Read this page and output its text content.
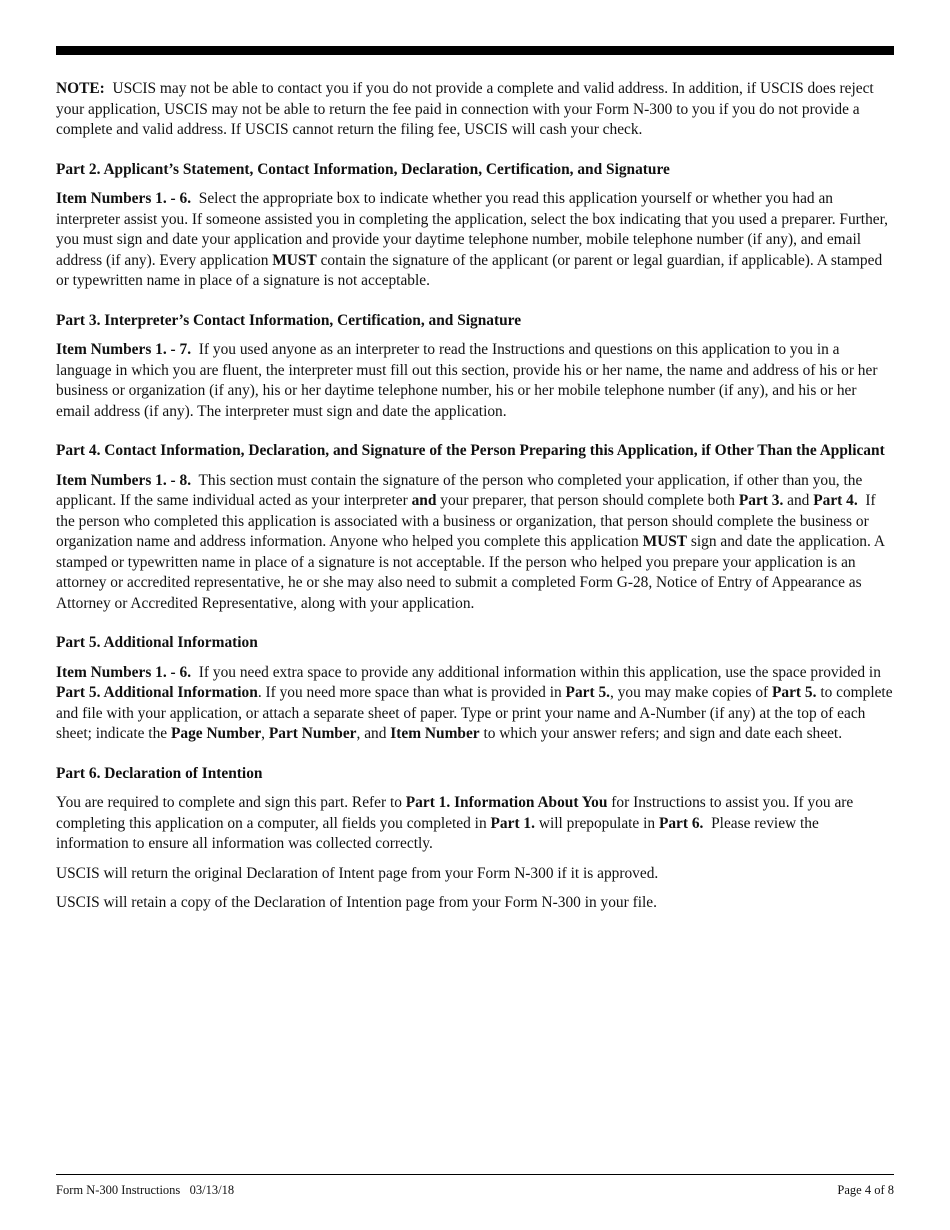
NOTE: USCIS may not be able to contact you if you do not provide a complete and valid address. In addition, if USCIS does reject your application, USCIS may not be able to return the fee paid in connection with your Form N-300 to you if you do not provide a complete and valid address. If USCIS cannot return the filing fee, USCIS will cash your check.

Part 2. Applicant’s Statement, Contact Information, Declaration, Certification, and Signature

Item Numbers 1. - 6. Select the appropriate box to indicate whether you read this application yourself or whether you had an interpreter assist you. If someone assisted you in completing the application, select the box indicating that you used a preparer. Further, you must sign and date your application and provide your daytime telephone number, mobile telephone number (if any), and email address (if any). Every application MUST contain the signature of the applicant (or parent or legal guardian, if applicable). A stamped or typewritten name in place of a signature is not acceptable.

Part 3. Interpreter’s Contact Information, Certification, and Signature

Item Numbers 1. - 7. If you used anyone as an interpreter to read the Instructions and questions on this application to you in a language in which you are fluent, the interpreter must fill out this section, provide his or her name, the name and address of his or her business or organization (if any), his or her daytime telephone number, his or her mobile telephone number (if any), and his or her email address (if any). The interpreter must sign and date the application.

Part 4. Contact Information, Declaration, and Signature of the Person Preparing this Application, if Other Than the Applicant

Item Numbers 1. - 8. This section must contain the signature of the person who completed your application, if other than you, the applicant. If the same individual acted as your interpreter and your preparer, that person should complete both Part 3. and Part 4. If the person who completed this application is associated with a business or organization, that person should complete the business or organization name and address information. Anyone who helped you complete this application MUST sign and date the application. A stamped or typewritten name in place of a signature is not acceptable. If the person who helped you prepare your application is an attorney or accredited representative, he or she may also need to submit a completed Form G-28, Notice of Entry of Appearance as Attorney or Accredited Representative, along with your application.

Part 5. Additional Information

Item Numbers 1. - 6. If you need extra space to provide any additional information within this application, use the space provided in Part 5. Additional Information. If you need more space than what is provided in Part 5., you may make copies of Part 5. to complete and file with your application, or attach a separate sheet of paper. Type or print your name and A-Number (if any) at the top of each sheet; indicate the Page Number, Part Number, and Item Number to which your answer refers; and sign and date each sheet.

Part 6. Declaration of Intention

You are required to complete and sign this part. Refer to Part 1. Information About You for Instructions to assist you. If you are completing this application on a computer, all fields you completed in Part 1. will prepopulate in Part 6. Please review the information to ensure all information was collected correctly.

USCIS will return the original Declaration of Intent page from your Form N-300 if it is approved.

USCIS will retain a copy of the Declaration of Intention page from your Form N-300 in your file.

Form N-300 Instructions   03/13/18	Page 4 of 8
